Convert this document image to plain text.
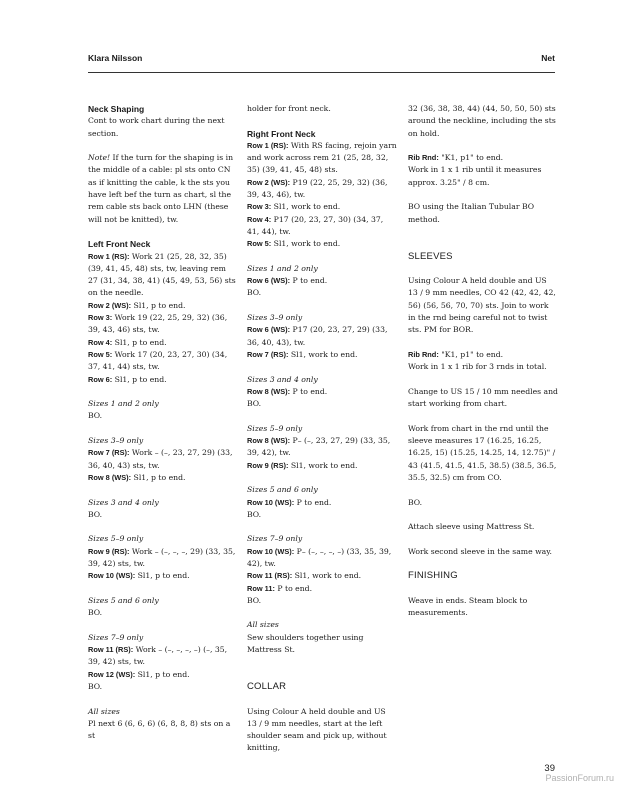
Klara Nilsson	Net
Neck Shaping

Cont to work chart during the next section.

Note! If the turn for the shaping is in the middle of a cable: pl sts onto CN as if knitting the cable, k the sts you have left bef the turn as chart, sl the rem cable sts back onto LHN (these will not be knitted), tw.

Left Front Neck
Row 1 (RS): Work 21 (25, 28, 32, 35) (39, 41, 45, 48) sts, tw, leaving rem 27 (31, 34, 38, 41) (45, 49, 53, 56) sts on the needle.
Row 2 (WS): Sl1, p to end.
Row 3: Work 19 (22, 25, 29, 32) (36, 39, 43, 46) sts, tw.
Row 4: Sl1, p to end.
Row 5: Work 17 (20, 23, 27, 30) (34, 37, 41, 44) sts, tw.
Row 6: Sl1, p to end.
Sizes 1 and 2 only
BO.
Sizes 3–9 only
Row 7 (RS): Work – (–, 23, 27, 29) (33, 36, 40, 43) sts, tw.
Row 8 (WS): Sl1, p to end.
Sizes 3 and 4 only
BO.
Sizes 5–9 only
Row 9 (RS): Work – (–, –, –, 29) (33, 35, 39, 42) sts, tw.
Row 10 (WS): Sl1, p to end.
Sizes 5 and 6 only
BO.
Sizes 7–9 only
Row 11 (RS): Work – (–, –, –, –) (–, 35, 39, 42) sts, tw.
Row 12 (WS): Sl1, p to end.
BO.
All sizes
Pl next 6 (6, 6, 6) (6, 8, 8, 8) sts on a st

holder for front neck.

Right Front Neck
Row 1 (RS): With RS facing, rejoin yarn and work across rem 21 (25, 28, 32, 35) (39, 41, 45, 48) sts.
Row 2 (WS): P19 (22, 25, 29, 32) (36, 39, 43, 46), tw.
Row 3: Sl1, work to end.
Row 4: P17 (20, 23, 27, 30) (34, 37, 41, 44), tw.
Row 5: Sl1, work to end.
Sizes 1 and 2 only
Row 6 (WS): P to end.
BO.
Sizes 3–9 only
Row 6 (WS): P17 (20, 23, 27, 29) (33, 36, 40, 43), tw.
Row 7 (RS): Sl1, work to end.
Sizes 3 and 4 only
Row 8 (WS): P to end.
BO.
Sizes 5–9 only
Row 8 (WS): P– (–, 23, 27, 29) (33, 35, 39, 42), tw.
Row 9 (RS): Sl1, work to end.
Sizes 5 and 6 only
Row 10 (WS): P to end.
BO.
Sizes 7–9 only
Row 10 (WS): P– (–, –, –, –) (33, 35, 39, 42), tw.
Row 11 (RS): Sl1, work to end.
Row 11: P to end.
BO.
All sizes
Sew shoulders together using Mattress St.
COLLAR
Using Colour A held double and US 13 / 9 mm needles, start at the left shoulder seam and pick up, without knitting,

32 (36, 38, 38, 44) (44, 50, 50, 50) sts around the neckline, including the sts on hold.

Rib Rnd: "K1, p1" to end.

Work in 1 x 1 rib until it measures approx. 3.25" / 8 cm.

BO using the Italian Tubular BO method.

SLEEVES

Using Colour A held double and US 13 / 9 mm needles, CO 42 (42, 42, 42, 56) (56, 56, 70, 70) sts. Join to work in the rnd being careful not to twist sts. PM for BOR.

Rib Rnd: "K1, p1" to end.

Work in 1 x 1 rib for 3 rnds in total.

Change to US 15 / 10 mm needles and start working from chart.

Work from chart in the rnd until the sleeve measures 17 (16.25, 16.25, 16.25, 15) (15.25, 14.25, 14, 12.75)" / 43 (41.5, 41.5, 41.5, 38.5) (38.5, 36.5, 35.5, 32.5) cm from CO.

BO.

Attach sleeve using Mattress St.

Work second sleeve in the same way.

FINISHING
Weave in ends. Steam block to measurements.
39
PassionForum.ru
